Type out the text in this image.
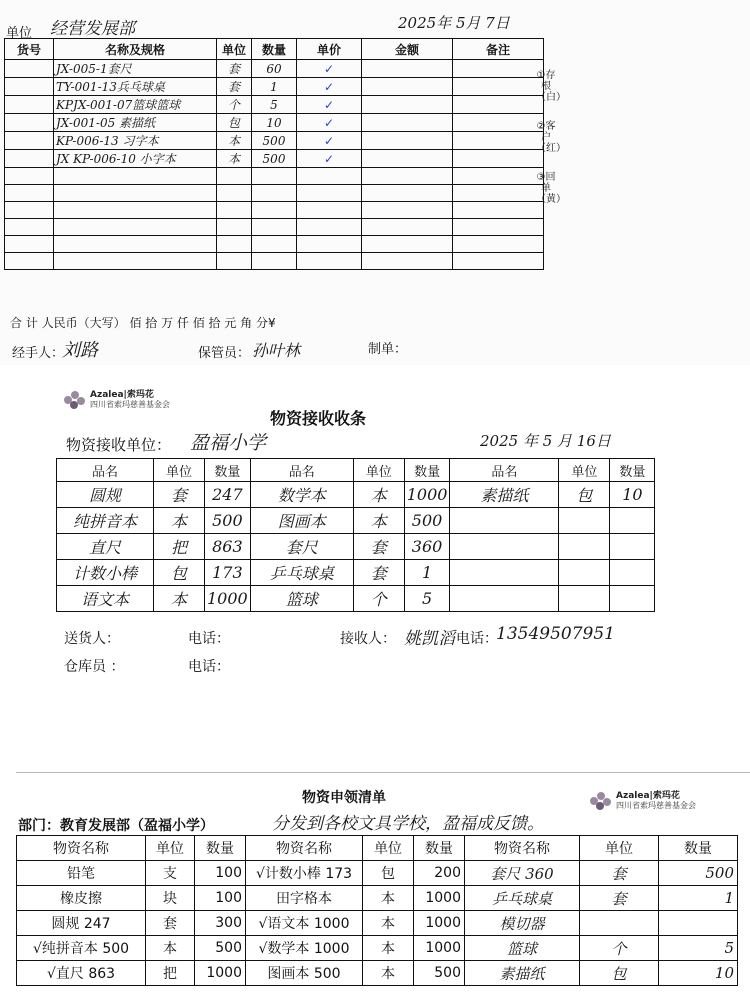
单位 经营发展部	2025年 5月 7日
货号	名称及规格	单位	数量	单价	金额	备注
	JX-005-1套尺	套	60	✓		
	TY-001-13兵乓球桌	套	1	✓		
	KPJX-001-07篮球篮球	个	5	✓		
	JX-001-05 素描纸	包	10	✓		
	KP-006-13 习字本	本	500	✓		
	JX KP-006-10 小字本	本	500	✓		

①存根（白）
②客户（红）
③回单（黄）
合 计 人民币（大写） 佰 拾 万 仟 佰 拾 元 角 分¥
经手人：
刘路	保管员： 孙叶林	制单：
Azalea|索玛花
四川省索玛慈善基金会
物资接收收条
物资接收单位： 盈福小学	2025 年 5 月 16日
品名	单位	数量	品名	单位	数量	品名	单位	数量
圆规	套	247	数学本	本	1000	素描纸	包	10
纯拼音本	本	500	图画本	本	500			
直尺	把	863	套尺	套	360			
计数小棒	包	173	乒乓球桌	套	1			
语文本	本	1000	篮球	个	5			
送货人：	电话：	接收人： 姚凯滔 电话：
13549507951
仓库员 ：	电话：
物资申领清单	Azalea|索玛花
四川省索玛慈善基金会
部门：教育发展部（盈福小学）	分发到各校文具学校，盈福成反馈。
物资名称	单位	数量	物资名称	单位	数量	物资名称	单位	数量
铅笔	支	100	√计数小棒 173	包	200	套尺 360	套	500
橡皮擦	块	100	田字格本	本	1000	乒乓球桌	套	1
圆规 247	套	300	√语文本 1000	本	1000	模切器		
√纯拼音本 500	本	500	√数学本 1000	本	1000	篮球	个	5
√直尺 863	把	1000	图画本 500	本	500	素描纸	包	10
